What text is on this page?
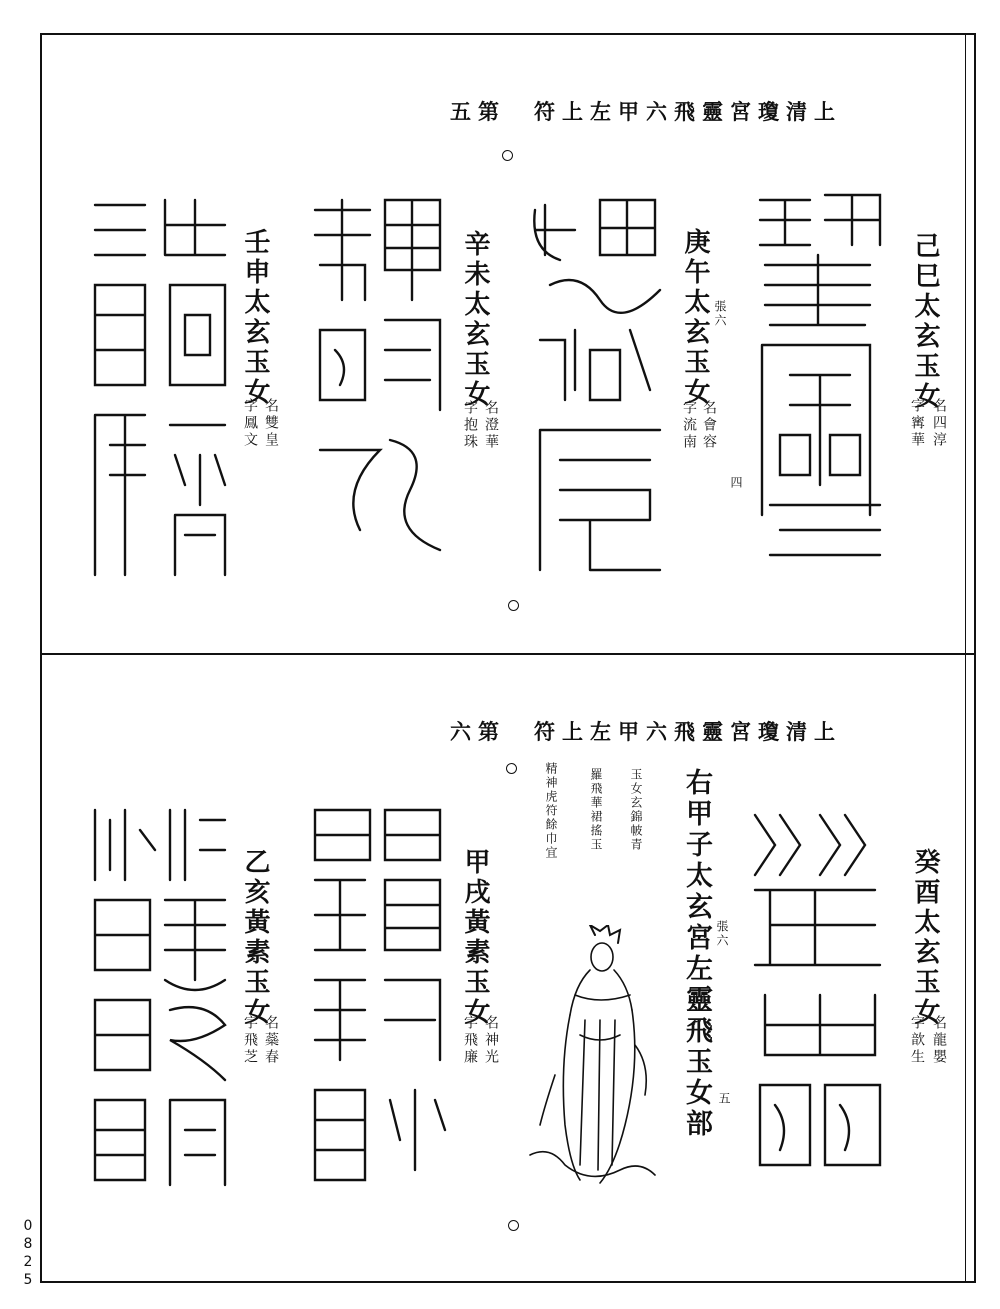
0825
上清瓊宮靈飛六甲左上符　第五
己巳太玄玉女
名四淳
字寗華
庚午太玄玉女 張六
名會容
字流南
四
辛未太玄玉女
名澄華
字抱珠
壬申太玄玉女
名雙皇
字鳳文
上清瓊宮靈飛六甲左上符　第六
癸酉太玄玉女
名龍嬰
字歆生
右甲子太玄宮左靈飛玉女部 張六
五
玉女玄錦帔青
羅飛華裙搖玉
精神虎符餘巾宜
甲戌黃素玉女
名神光
字飛廉
乙亥黃素玉女
名蘂春
字飛芝
